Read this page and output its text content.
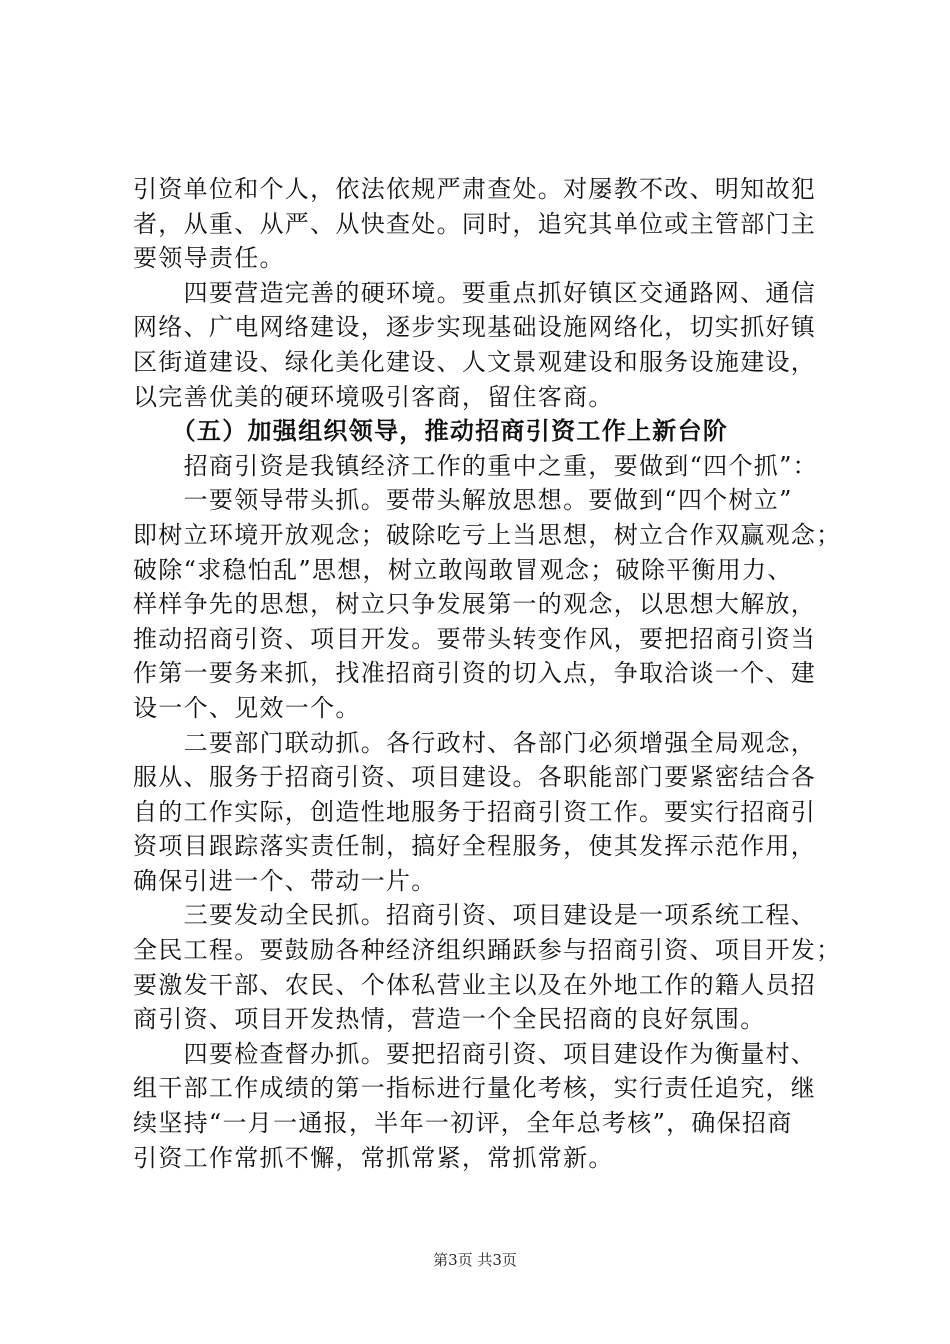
引资单位和个人，依法依规严肃查处。对屡教不改、明知故犯
者，从重、从严、从快查处。同时，追究其单位或主管部门主
要领导责任。
　　四要营造完善的硬环境。要重点抓好镇区交通路网、通信
网络、广电网络建设，逐步实现基础设施网络化，切实抓好镇
区街道建设、绿化美化建设、人文景观建设和服务设施建设，
以完善优美的硬环境吸引客商，留住客商。
　　（五）加强组织领导，推动招商引资工作上新台阶
　　招商引资是我镇经济工作的重中之重，要做到“四个抓”：
　　一要领导带头抓。要带头解放思想。要做到“四个树立”
即树立环境开放观念；破除吃亏上当思想，树立合作双赢观念；
破除“求稳怕乱”思想，树立敢闯敢冒观念；破除平衡用力、
样样争先的思想，树立只争发展第一的观念，以思想大解放，
推动招商引资、项目开发。要带头转变作风，要把招商引资当
作第一要务来抓，找准招商引资的切入点，争取洽谈一个、建
设一个、见效一个。
　　二要部门联动抓。各行政村、各部门必须增强全局观念，
服从、服务于招商引资、项目建设。各职能部门要紧密结合各
自的工作实际，创造性地服务于招商引资工作。要实行招商引
资项目跟踪落实责任制，搞好全程服务，使其发挥示范作用，
确保引进一个、带动一片。
　　三要发动全民抓。招商引资、项目建设是一项系统工程、
全民工程。要鼓励各种经济组织踊跃参与招商引资、项目开发；
要激发干部、农民、个体私营业主以及在外地工作的籍人员招
商引资、项目开发热情，营造一个全民招商的良好氛围。
　　四要检查督办抓。要把招商引资、项目建设作为衡量村、
组干部工作成绩的第一指标进行量化考核，实行责任追究，继
续坚持“一月一通报，半年一初评，全年总考核”，确保招商
引资工作常抓不懈，常抓常紧，常抓常新。
第3页 共3页
